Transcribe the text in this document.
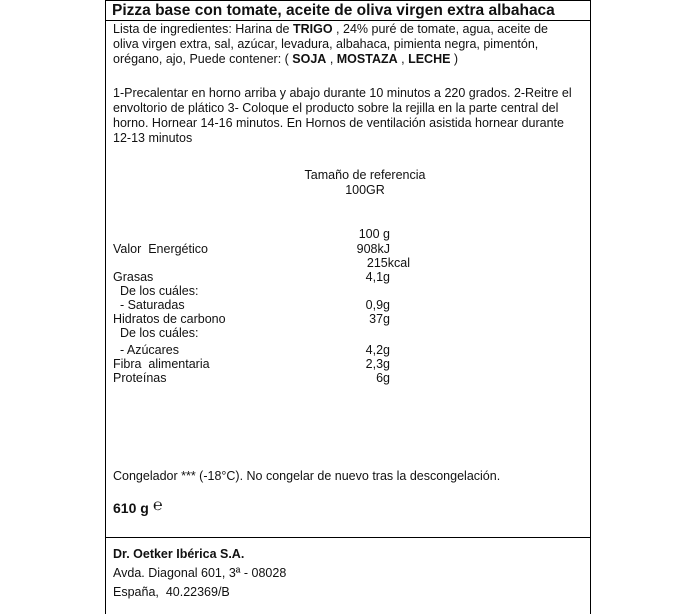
Pizza base con tomate, aceite de oliva virgen extra albahaca
Lista de ingredientes: Harina de TRIGO , 24% puré de tomate, agua, aceite de
oliva virgen extra, sal, azúcar, levadura, albahaca, pimienta negra, pimentón,
orégano, ajo, Puede contener: ( SOJA , MOSTAZA , LECHE )
1-Precalentar en horno arriba y abajo durante 10 minutos a 220 grados. 2-Reitre el
envoltorio de plático 3- Coloque el producto sobre la rejilla en la parte central del
horno. Hornear 14-16 minutos. En Hornos de ventilación asistida hornear durante
12-13 minutos
Tamaño de referencia
100GR
100 g
Valor  Energético	908kJ
215kcal
Grasas	4,1g
De los cuáles:
- Saturadas	0,9g
Hidratos de carbono	37g
De los cuáles:
- Azúcares	4,2g
Fibra  alimentaria	2,3g
Proteínas	6g
Congelador *** (-18°C). No congelar de nuevo tras la descongelación.
610 g ℮
Dr. Oetker Ibérica S.A.
Avda. Diagonal 601, 3ª - 08028
España,  40.22369/B
